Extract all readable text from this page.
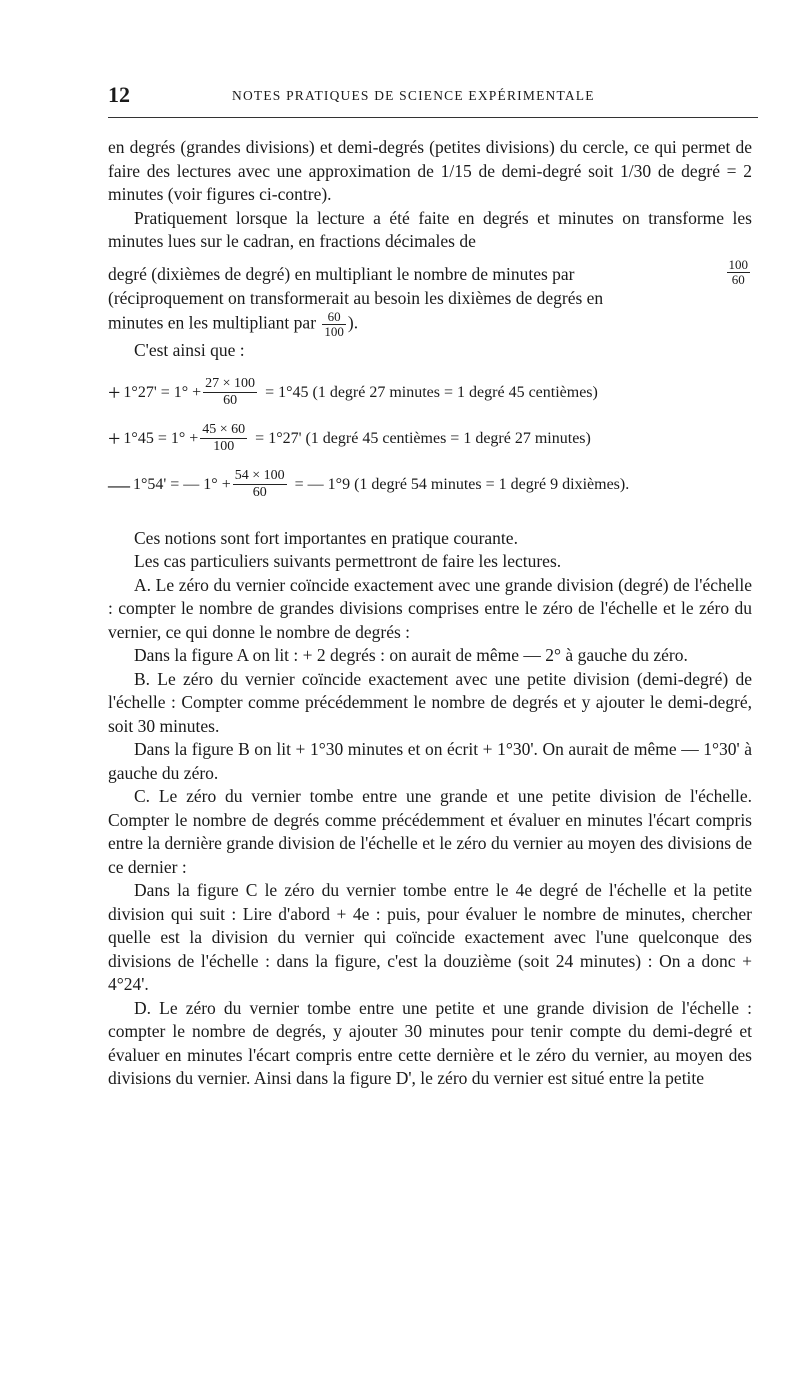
12	NOTES PRATIQUES DE SCIENCE EXPÉRIMENTALE

en degrés (grandes divisions) et demi-degrés (petites divisions) du cercle, ce qui permet de faire des lectures avec une approximation de 1/15 de demi-degré soit 1/30 de degré = 2 minutes (voir figures ci-contre).

Pratiquement lorsque la lecture a été faite en degrés et minutes on transforme les minutes lues sur le cadran, en fractions décimales de

degré (dixièmes de degré) en multipliant le nombre de minutes par	$\frac{100}{60}$

(réciproquement on transformerait au besoin les dixièmes de degrés en

minutes en les multipliant par $\frac{60}{100}$ ).

C'est ainsi que :

+ $1^\circ 27' = 1^\circ + \frac{27 \times 100}{60} = 1^\circ 45$ (1 degré 27 minutes = 1 degré 45 centièmes)
+ $1^\circ 45 = 1^\circ + \frac{45 \times 60}{100} = 1^\circ 27'$ (1 degré 45 centièmes = 1 degré 27 minutes)
— 1°54' = — $1^\circ + \frac{54 \times 100}{60}$ = — 1°9 (1 degré 54 minutes = 1 degré 9 dixièmes).

Ces notions sont fort importantes en pratique courante.

Les cas particuliers suivants permettront de faire les lectures.

A. Le zéro du vernier coïncide exactement avec une grande division (degré) de l'échelle : compter le nombre de grandes divisions comprises entre le zéro de l'échelle et le zéro du vernier, ce qui donne le nombre de degrés :

Dans la figure A on lit : + 2 degrés : on aurait de même — 2° à gauche du zéro.

B. Le zéro du vernier coïncide exactement avec une petite division (demi-degré) de l'échelle : Compter comme précédemment le nombre de degrés et y ajouter le demi-degré, soit 30 minutes.

Dans la figure B on lit + 1°30 minutes et on écrit + 1°30'. On aurait de même — 1°30' à gauche du zéro.

C. Le zéro du vernier tombe entre une grande et une petite division de l'échelle. Compter le nombre de degrés comme précédemment et évaluer en minutes l'écart compris entre la dernière grande division de l'échelle et le zéro du vernier au moyen des divisions de ce dernier :

Dans la figure C le zéro du vernier tombe entre le 4e degré de l'échelle et la petite division qui suit : Lire d'abord + 4e : puis, pour évaluer le nombre de minutes, chercher quelle est la division du vernier qui coïncide exactement avec l'une quelconque des divisions de l'échelle : dans la figure, c'est la douzième (soit 24 minutes) : On a donc + 4°24'.

D. Le zéro du vernier tombe entre une petite et une grande division de l'échelle : compter le nombre de degrés, y ajouter 30 minutes pour tenir compte du demi-degré et évaluer en minutes l'écart compris entre cette dernière et le zéro du vernier, au moyen des divisions du vernier. Ainsi dans la figure D', le zéro du vernier est situé entre la petite
